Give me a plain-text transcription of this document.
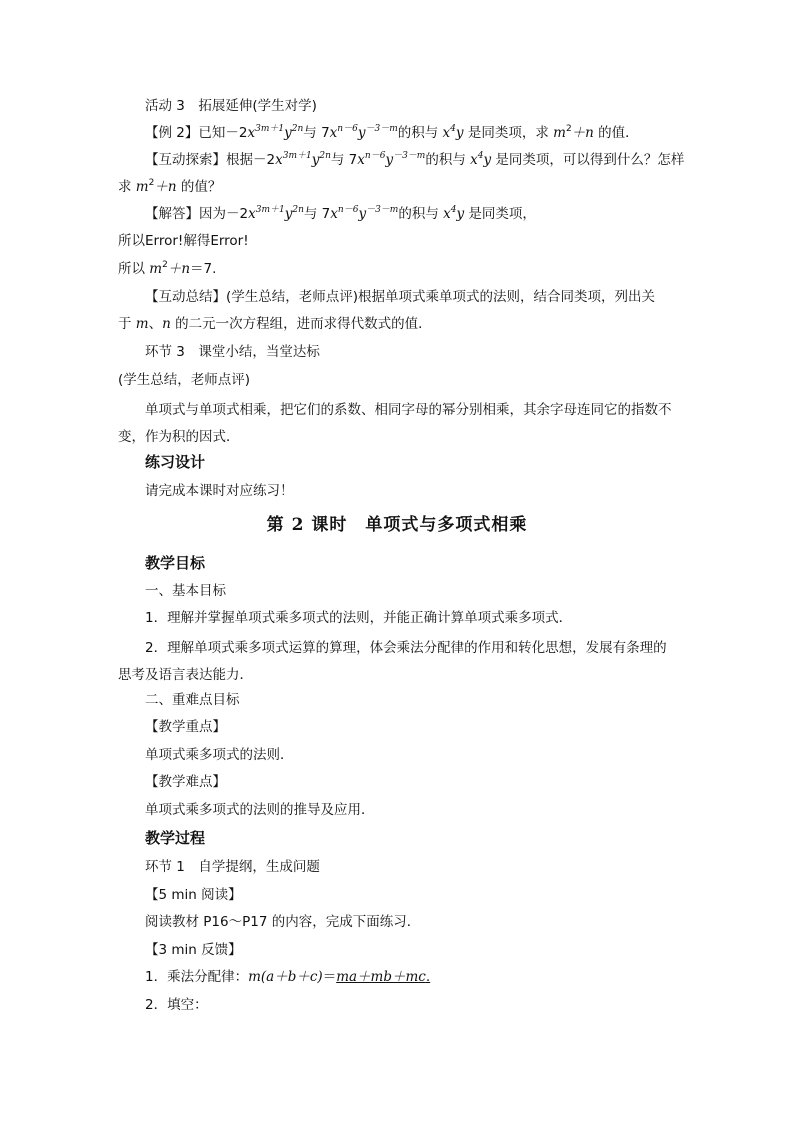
活动 3　拓展延伸(学生对学)
【例 2】已知$-2x^{3m+1}y^{2n}$与 $7x^{n-6}y^{-3-m}$的积与 $x^4y$ 是同类项，求 $m^2+n$ 的值．
【互动探索】根据$-2x^{3m+1}y^{2n}$与 $7x^{n-6}y^{-3-m}$的积与 $x^4y$ 是同类项，可以得到什么？怎样
求 $m^2+n$ 的值？
【解答】因为$-2x^{3m+1}y^{2n}$与 $7x^{n-6}y^{-3-m}$的积与 $x^4y$ 是同类项，
所以Error!解得Error!
所以 $m^2+n=7$.
【互动总结】(学生总结，老师点评)根据单项式乘单项式的法则，结合同类项，列出关
于 m、n 的二元一次方程组，进而求得代数式的值．
环节 3　课堂小结，当堂达标
(学生总结，老师点评)
单项式与单项式相乘，把它们的系数、相同字母的幂分别相乘，其余字母连同它的指数不变，作为积的因式．
练习设计
请完成本课时对应练习！
第 2 课时　单项式与多项式相乘
教学目标
一、基本目标
1．理解并掌握单项式乘多项式的法则，并能正确计算单项式乘多项式．
2．理解单项式乘多项式运算的算理，体会乘法分配律的作用和转化思想，发展有条理的思考及语言表达能力．
二、重难点目标
【教学重点】
单项式乘多项式的法则．
【教学难点】
单项式乘多项式的法则的推导及应用．
教学过程
环节 1　自学提纲，生成问题
【5 min 阅读】
阅读教材 P16～P17 的内容，完成下面练习．
【3 min 反馈】
1．乘法分配律：m(a＋b＋c)＝ma＋mb＋mc.
2．填空：
